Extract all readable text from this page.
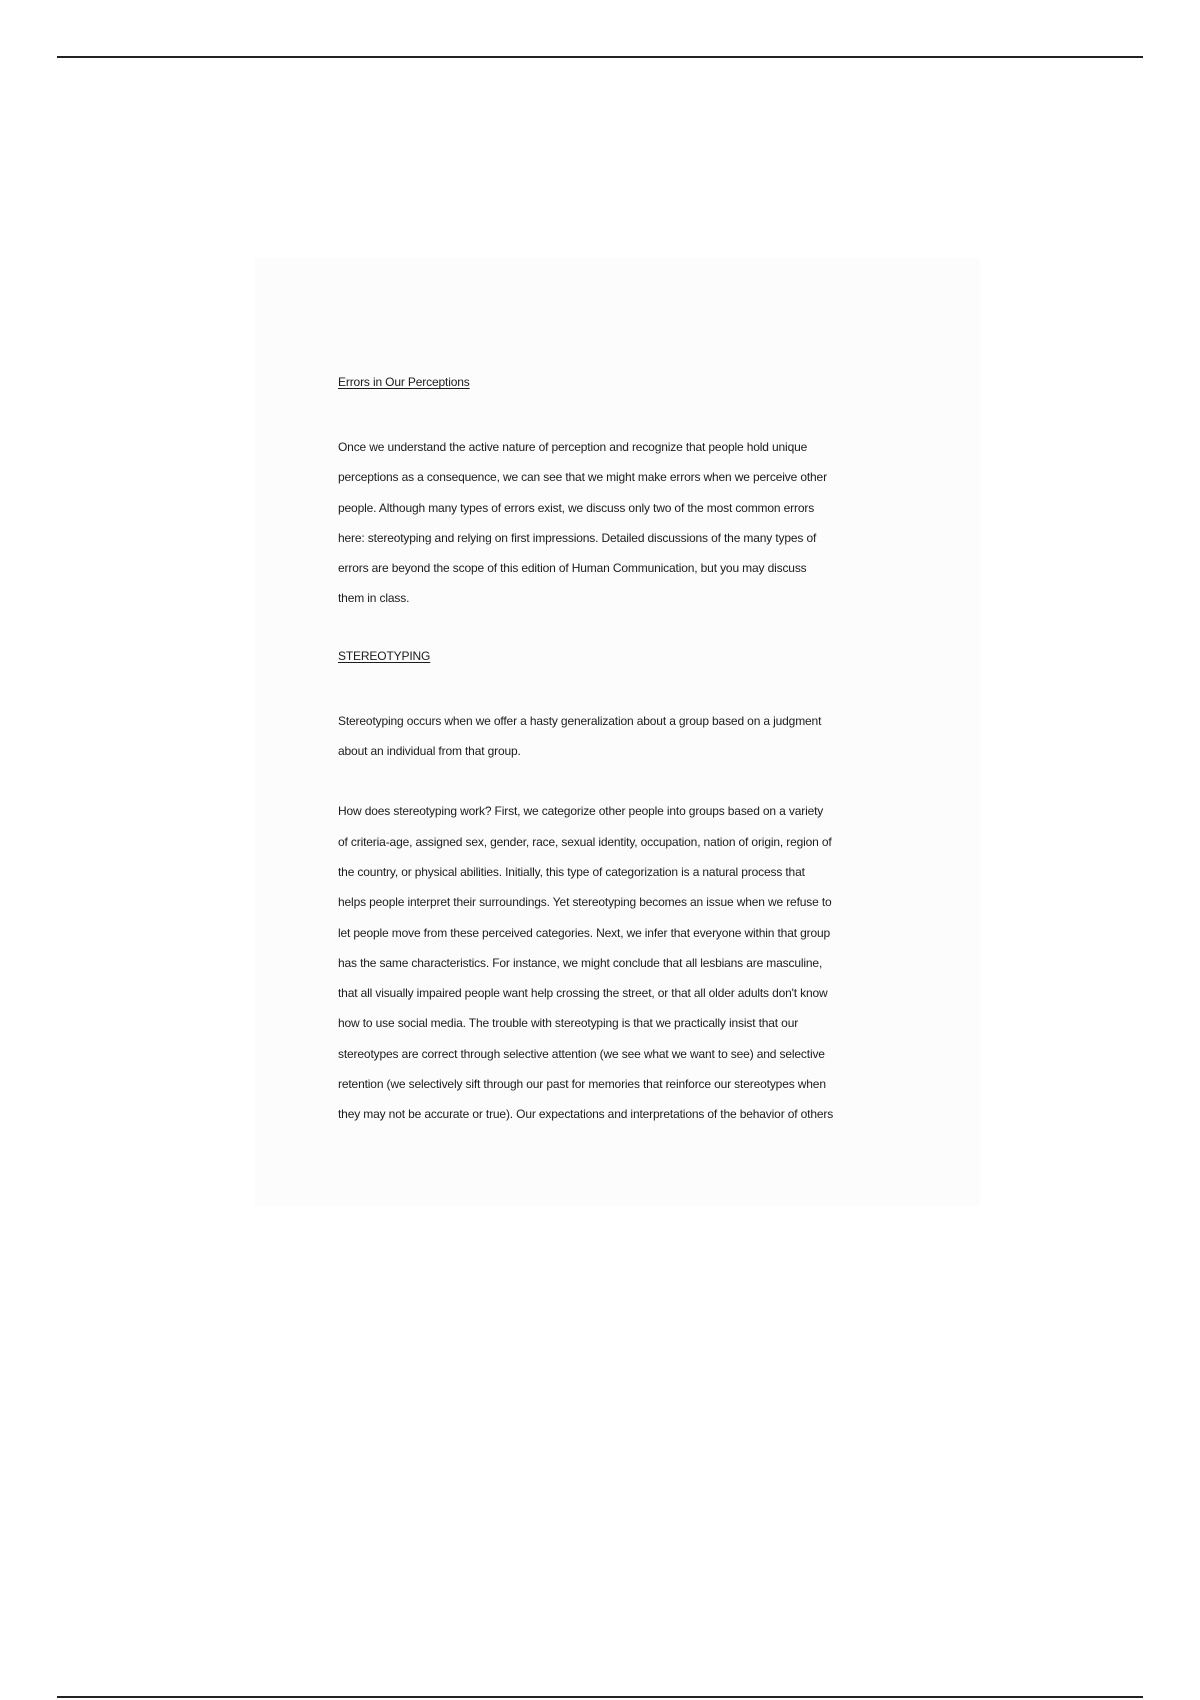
Errors in Our Perceptions
Once we understand the active nature of perception and recognize that people hold unique
perceptions as a consequence, we can see that we might make errors when we perceive other
people. Although many types of errors exist, we discuss only two of the most common errors
here: stereotyping and relying on first impressions. Detailed discussions of the many types of
errors are beyond the scope of this edition of Human Communication, but you may discuss
them in class.
STEREOTYPING
Stereotyping occurs when we offer a hasty generalization about a group based on a judgment
about an individual from that group.
How does stereotyping work? First, we categorize other people into groups based on a variety
of criteria-age, assigned sex, gender, race, sexual identity, occupation, nation of origin, region of
the country, or physical abilities. Initially, this type of categorization is a natural process that
helps people interpret their surroundings. Yet stereotyping becomes an issue when we refuse to
let people move from these perceived categories. Next, we infer that everyone within that group
has the same characteristics. For instance, we might conclude that all lesbians are masculine,
that all visually impaired people want help crossing the street, or that all older adults don't know
how to use social media. The trouble with stereotyping is that we practically insist that our
stereotypes are correct through selective attention (we see what we want to see) and selective
retention (we selectively sift through our past for memories that reinforce our stereotypes when
they may not be accurate or true). Our expectations and interpretations of the behavior of others
